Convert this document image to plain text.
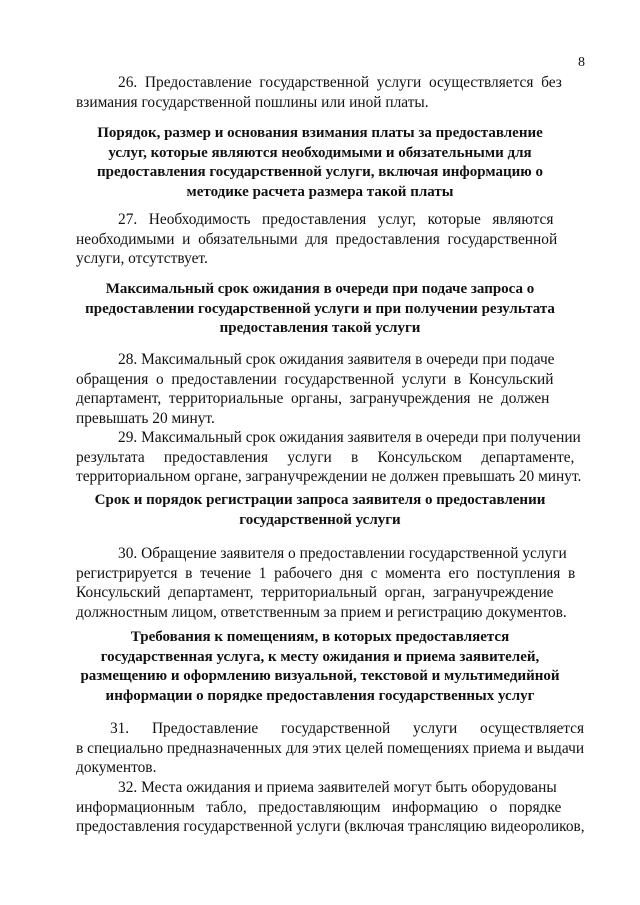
8
26.  Предоставление  государственной  услуги  осуществляется  без
взимания государственной пошлины или иной платы.
Порядок, размер и основания взимания платы за предоставление
услуг, которые являются необходимыми и обязательными для
предоставления государственной услуги, включая информацию о
методике расчета размера такой платы
27.   Необходимость   предоставления   услуг,   которые   являются
необходимыми  и  обязательными  для  предоставления  государственной
услуги, отсутствует.
Максимальный срок ожидания в очереди при подаче запроса о
предоставлении государственной услуги и при получении результата
предоставления такой услуги
28. Максимальный срок ожидания заявителя в очереди при подаче
обращения  о  предоставлении  государственной  услуги  в  Консульский
департамент,  территориальные  органы,  загранучреждения  не  должен
превышать 20 минут.
29. Максимальный срок ожидания заявителя в очереди при получении
результата     предоставления     услуги     в     Консульском     департаменте,
территориальном органе, загранучреждении не должен превышать 20 минут.
Срок и порядок регистрации запроса заявителя о предоставлении
государственной услуги
30. Обращение заявителя о предоставлении государственной услуги
регистрируется  в  течение  1  рабочего  дня  с  момента  его  поступления  в
Консульский  департамент,  территориальный  орган,  загранучреждение
должностным лицом, ответственным за прием и регистрацию документов.
Требования к помещениям, в которых предоставляется
государственная услуга, к месту ожидания и приема заявителей,
размещению и оформлению визуальной, текстовой и мультимедийной
информации о порядке предоставления государственных услуг
31.      Предоставление      государственной      услуги      осуществляется
в специально предназначенных для этих целей помещениях приема и выдачи
документов.
32. Места ожидания и приема заявителей могут быть оборудованы
информационным   табло,   предоставляющим   информацию   о   порядке
предоставления государственной услуги (включая трансляцию видеороликов,
